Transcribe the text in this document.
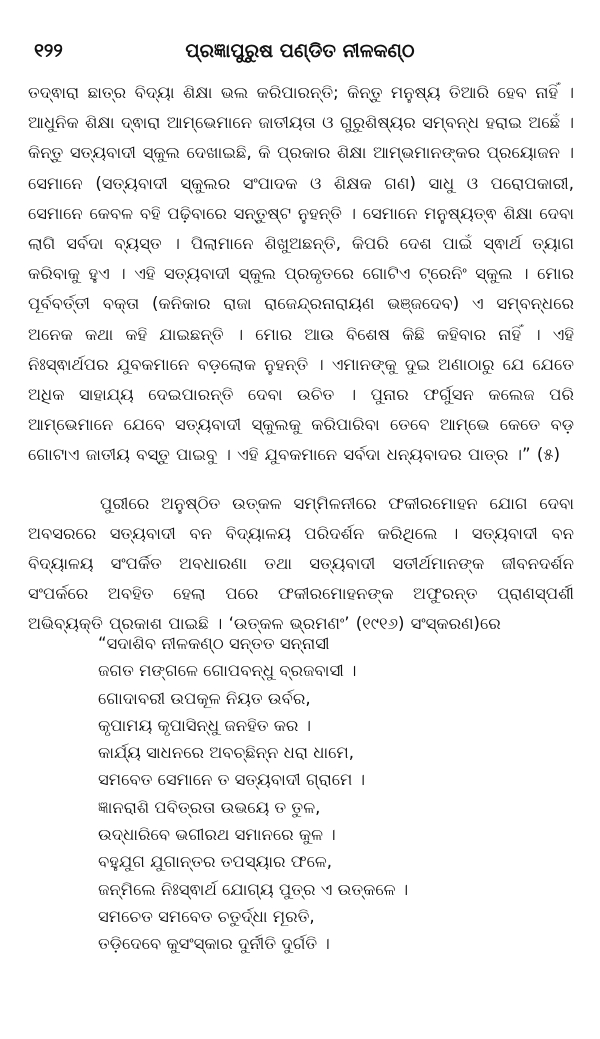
୧୨୨	ପ୍ରଜ୍ଞାପୁରୁଷ ପଣ୍ଡିତ ନୀଳକଣ୍ଠ

ତଦ୍ଵାରା ଛାତ୍ର ବିଦ୍ୟା ଶିକ୍ଷା ଭଲ କରିପାରନ୍ତି; କିନ୍ତୁ ମନୁଷ୍ୟ ତିଆରି ହେବ ନାହିଁ । ଆଧୁନିକ ଶିକ୍ଷା ଦ୍ଵାରା ଆମ୍ଭେମାନେ ଜାତୀୟତା ଓ ଗୁରୁଶିଷ୍ୟର ସମ୍ବନ୍ଧ ହରାଇ ଅଛେଁ । କିନ୍ତୁ ସତ୍ୟବାଦୀ ସ୍କୁଲ ଦେଖାଇଛି, କି ପ୍ରକାର ଶିକ୍ଷା ଆମ୍ଭମାନଙ୍କର ପ୍ରୟୋଜନ । ସେମାନେ (ସତ୍ୟବାଦୀ ସ୍କୁଲର ସଂପାଦକ ଓ ଶିକ୍ଷକ ଗଣ) ସାଧୁ ଓ ପରୋପକାରୀ, ସେମାନେ କେବଳ ବହି ପଢ଼ିବାରେ ସନ୍ତୁଷ୍ଟ ନୁହନ୍ତି । ସେମାନେ ମନୁଷ୍ୟତ୍ଵ ଶିକ୍ଷା ଦେବା ଲାଗି ସର୍ବଦା ବ୍ୟସ୍ତ । ପିଲାମାନେ ଶିଖୁଅଛନ୍ତି, କିପରି ଦେଶ ପାଇଁ ସ୍ଵାର୍ଥ ତ୍ୟାଗ କରିବାକୁ ହୁଏ । ଏହି ସତ୍ୟବାଦୀ ସ୍କୁଲ ପ୍ରକୃତରେ ଗୋଟିଏ ଟ୍ରେନିଂ ସ୍କୁଲ । ମୋର ପୂର୍ବବର୍ତ୍ତୀ ବକ୍ତା (କନିକାର ରାଜା ରାଜେନ୍ଦ୍ରନାରାୟଣ ଭଞ୍ଜଦେବ) ଏ ସମ୍ବନ୍ଧରେ ଅନେକ କଥା କହି ଯାଇଛନ୍ତି । ମୋର ଆଉ ବିଶେଷ କିଛି କହିବାର ନାହିଁ । ଏହି ନିଃସ୍ଵାର୍ଥପର ଯୁବକମାନେ ବଡ଼ଲୋକ ନୁହନ୍ତି । ଏମାନଙ୍କୁ ଦୁଇ ଅଣାଠାରୁ ଯେ ଯେତେ ଅଧିକ ସାହାଯ୍ୟ ଦେଇପାରନ୍ତି ଦେବା ଉଚିତ । ପୁନାର ଫର୍ଗୁସନ କଲେଜ ପରି ଆମ୍ଭେମାନେ ଯେବେ ସତ୍ୟବାଦୀ ସ୍କୁଲକୁ କରିପାରିବା ତେବେ ଆମ୍ଭେ କେତେ ବଡ଼ ଗୋଟାଏ ଜାତୀୟ ବସ୍ତୁ ପାଇବୁ । ଏହି ଯୁବକମାନେ ସର୍ବଦା ଧନ୍ୟବାଦର ପାତ୍ର ।” (୫)

ପୁରୀରେ ଅନୁଷ୍ଠିତ ଉତ୍କଳ ସମ୍ମିଳନୀରେ ଫକୀରମୋହନ ଯୋଗ ଦେବା ଅବସରରେ ସତ୍ୟବାଦୀ ବନ ବିଦ୍ୟାଳୟ ପରିଦର୍ଶନ କରିଥିଲେ । ସତ୍ୟବାଦୀ ବନ ବିଦ୍ୟାଳୟ ସଂପର୍କିତ ଅବଧାରଣା ତଥା ସତ୍ୟବାଦୀ ସତୀର୍ଥମାନଙ୍କ ଜୀବନଦର୍ଶନ ସଂପର୍କରେ ଅବହିତ ହେଲା ପରେ ଫକୀରମୋହନଙ୍କ ଅଫୁରନ୍ତ ପ୍ରାଣସ୍ପର୍ଶୀ ଅଭିବ୍ୟକ୍ତି ପ୍ରକାଶ ପାଇଛି । ‘ଉତ୍କଳ ଭ୍ରମଣଂ’ (୧୯୧୬) ସଂସ୍କରଣ)ରେ

“ସଦାଶିବ ନୀଳକଣ୍ଠ ସନ୍ତତ ସନ୍ନାସୀ
ଜଗତ ମଙ୍ଗଳେ ଗୋପବନ୍ଧୁ ବ୍ରଜବାସୀ ।
ଗୋଦାବରୀ ଉପକୂଳ ନିୟତ ଉର୍ବର,
କୃପାମୟ କୃପାସିନ୍ଧୁ ଜନହିତ କର ।
କାର୍ଯ୍ୟ ସାଧନରେ ଅବଚ୍ଛିନ୍ନ ଧରା ଧାମେ,
ସମବେତ ସେମାନେ ତ ସତ୍ୟବାଦୀ ଗ୍ରାମେ ।
ଜ୍ଞାନରାଶି ପବିତ୍ରତା ଉଭୟେ ତ ତୁଳ,
ଉଦ୍ଧାରିବେ ଭଗୀରଥ ସମାନରେ କୁଳ ।
ବହୁଯୁଗ ଯୁଗାନ୍ତର ତପସ୍ୟାର ଫଳେ,
ଜନ୍ମିଲେ ନିଃସ୍ଵାର୍ଥ ଯୋଗ୍ୟ ପୁତ୍ର ଏ ଉତ୍କଳେ ।
ସମଚେତ ସମବେତ ଚତୁର୍ଦ୍ଧା ମୂରତି,
ତଡ଼ିଦେବେ କୁସଂସ୍କାର ଦୁର୍ନୀତି ଦୁର୍ଗତି ।
